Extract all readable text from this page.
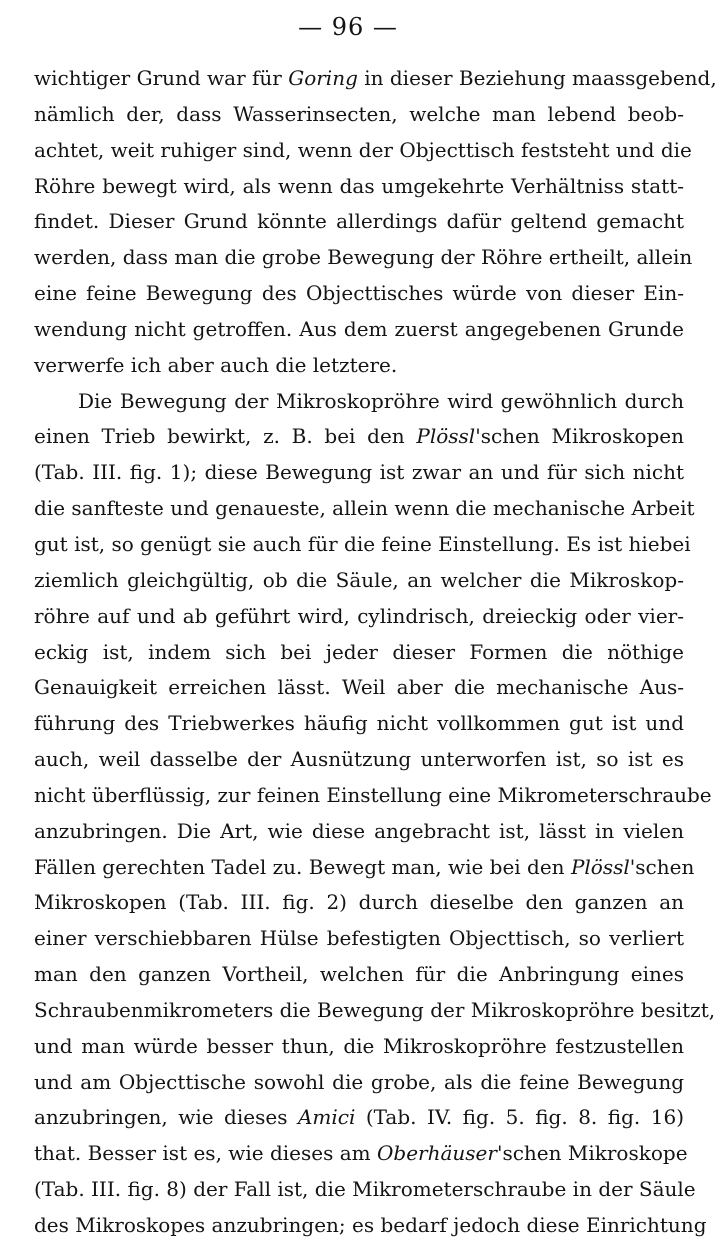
— 96 —
wichtiger Grund war für Goring in dieser Beziehung maassgebend,
nämlich der, dass Wasserinsecten, welche man lebend beob-
achtet, weit ruhiger sind, wenn der Objecttisch feststeht und die
Röhre bewegt wird, als wenn das umgekehrte Verhältniss statt-
findet. Dieser Grund könnte allerdings dafür geltend gemacht
werden, dass man die grobe Bewegung der Röhre ertheilt, allein
eine feine Bewegung des Objecttisches würde von dieser Ein-
wendung nicht getroffen. Aus dem zuerst angegebenen Grunde
verwerfe ich aber auch die letztere.
Die Bewegung der Mikroskopröhre wird gewöhnlich durch
einen Trieb bewirkt, z. B. bei den Plössl'schen Mikroskopen
(Tab. III. fig. 1); diese Bewegung ist zwar an und für sich nicht
die sanfteste und genaueste, allein wenn die mechanische Arbeit
gut ist, so genügt sie auch für die feine Einstellung. Es ist hiebei
ziemlich gleichgültig, ob die Säule, an welcher die Mikroskop-
röhre auf und ab geführt wird, cylindrisch, dreieckig oder vier-
eckig ist, indem sich bei jeder dieser Formen die nöthige
Genauigkeit erreichen lässt. Weil aber die mechanische Aus-
führung des Triebwerkes häufig nicht vollkommen gut ist und
auch, weil dasselbe der Ausnützung unterworfen ist, so ist es
nicht überflüssig, zur feinen Einstellung eine Mikrometerschraube
anzubringen. Die Art, wie diese angebracht ist, lässt in vielen
Fällen gerechten Tadel zu. Bewegt man, wie bei den Plössl'schen
Mikroskopen (Tab. III. fig. 2) durch dieselbe den ganzen an
einer verschiebbaren Hülse befestigten Objecttisch, so verliert
man den ganzen Vortheil, welchen für die Anbringung eines
Schraubenmikrometers die Bewegung der Mikroskopröhre besitzt,
und man würde besser thun, die Mikroskopröhre festzustellen
und am Objecttische sowohl die grobe, als die feine Bewegung
anzubringen, wie dieses Amici (Tab. IV. fig. 5. fig. 8. fig. 16)
that. Besser ist es, wie dieses am Oberhäuser'schen Mikroskope
(Tab. III. fig. 8) der Fall ist, die Mikrometerschraube in der Säule
des Mikroskopes anzubringen; es bedarf jedoch diese Einrichtung
